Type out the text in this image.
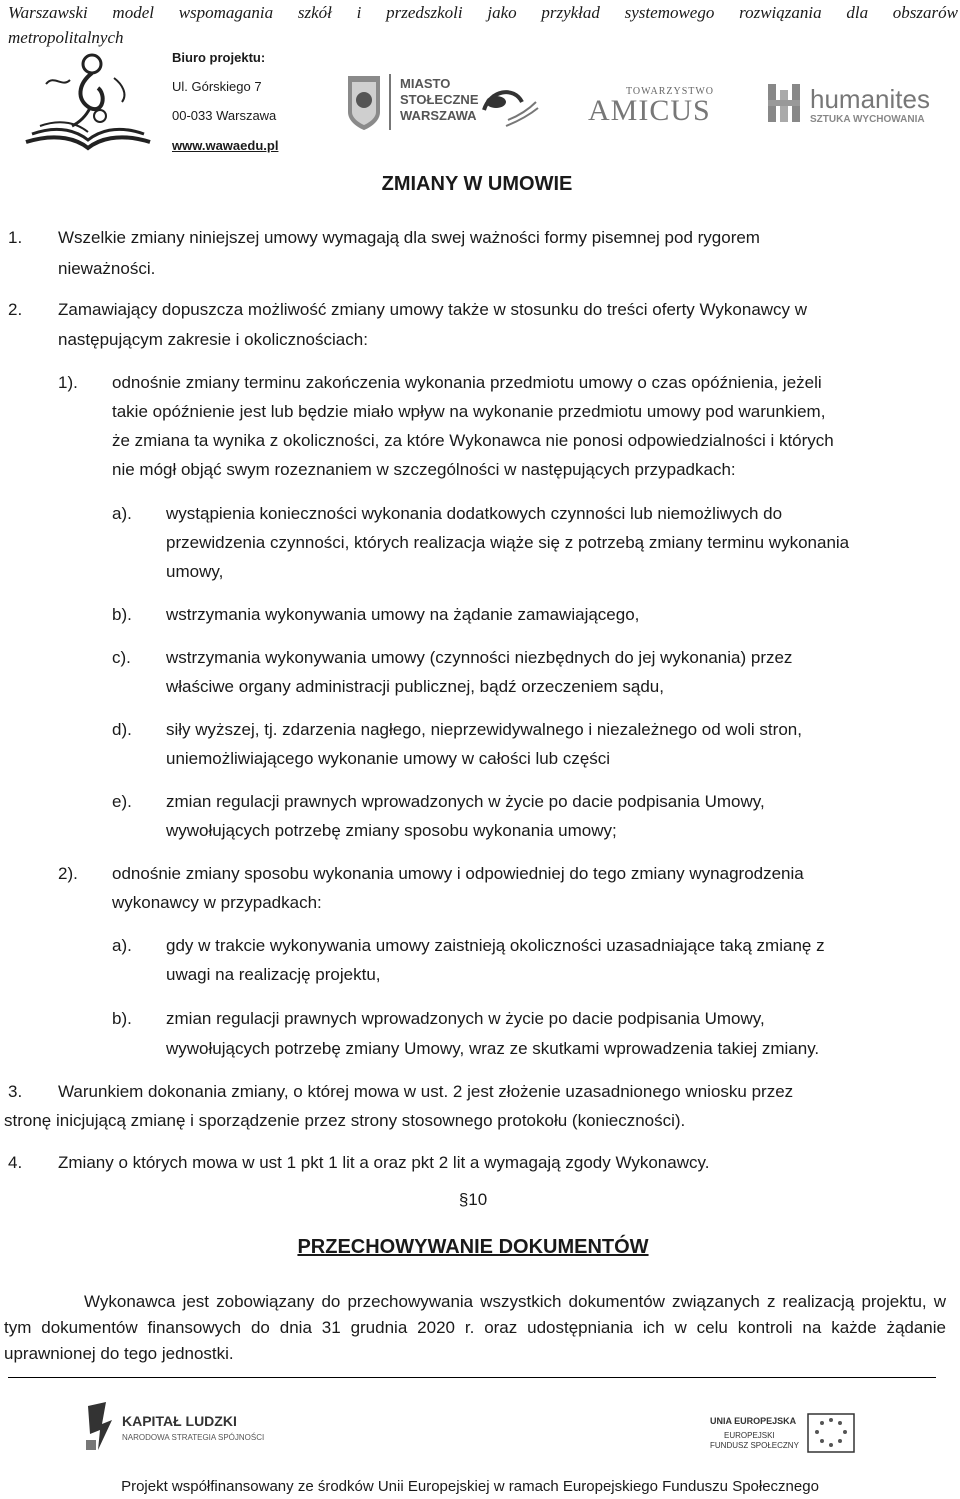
Warszawski model wspomagania szkół i przedszkoli jako przykład systemowego rozwiązania dla obszarów
metropolitalnych
Biuro projektu:
Ul. Górskiego 7
00-033 Warszawa
www.wawaedu.pl
MIASTO
STOŁECZNE
WARSZAWA
TOWARZYSTWO
AMICUS	humanites
SZTUKA WYCHOWANIA
ZMIANY W UMOWIE
1. Wszelkie zmiany niniejszej umowy wymagają dla swej ważności formy pisemnej pod rygorem
nieważności.
2. Zamawiający dopuszcza możliwość zmiany umowy także w stosunku do treści oferty Wykonawcy w
następującym zakresie i okolicznościach:
1). odnośnie zmiany terminu zakończenia wykonania przedmiotu umowy o czas opóźnienia, jeżeli
takie opóźnienie jest lub będzie miało wpływ na wykonanie przedmiotu umowy pod warunkiem,
że zmiana ta wynika z okoliczności, za które Wykonawca nie ponosi odpowiedzialności i których
nie mógł objąć swym rozeznaniem w szczególności w następujących przypadkach:
a). wystąpienia konieczności wykonania dodatkowych czynności lub niemożliwych do
przewidzenia czynności, których realizacja wiąże się z potrzebą zmiany terminu wykonania
umowy,
b). wstrzymania wykonywania umowy na żądanie zamawiającego,
c). wstrzymania wykonywania umowy (czynności niezbędnych do jej wykonania) przez
właściwe organy administracji publicznej, bądź orzeczeniem sądu,
d). siły wyższej, tj. zdarzenia nagłego, nieprzewidywalnego i niezależnego od woli stron,
uniemożliwiającego wykonanie umowy w całości lub części
e). zmian regulacji prawnych wprowadzonych w życie po dacie podpisania Umowy,
wywołujących potrzebę zmiany sposobu wykonania umowy;
2). odnośnie zmiany sposobu wykonania umowy i odpowiedniej do tego zmiany wynagrodzenia
wykonawcy w przypadkach:
a). gdy w trakcie wykonywania umowy zaistnieją okoliczności uzasadniające taką zmianę z
uwagi na realizację projektu,
b). zmian regulacji prawnych wprowadzonych w życie po dacie podpisania Umowy,
wywołujących potrzebę zmiany Umowy, wraz ze skutkami wprowadzenia takiej zmiany.
3. Warunkiem dokonania zmiany, o której mowa w ust. 2 jest złożenie uzasadnionego wniosku przez
stronę inicjującą zmianę i sporządzenie przez strony stosownego protokołu (konieczności).
4. Zmiany o których mowa w ust 1 pkt 1 lit a oraz pkt 2 lit a wymagają zgody Wykonawcy.
§10
PRZECHOWYWANIE DOKUMENTÓW
Wykonawca jest zobowiązany do przechowywania wszystkich dokumentów związanych z realizacją projektu, w tym dokumentów finansowych do dnia 31 grudnia 2020 r. oraz udostępniania ich w celu kontroli na każde żądanie uprawnionej do tego jednostki.
KAPITAŁ LUDZKI
NARODOWA STRATEGIA SPÓJNOŚCI
UNIA EUROPEJSKA
EUROPEJSKI
FUNDUSZ SPOŁECZNY
Projekt współfinansowany ze środków Unii Europejskiej w ramach Europejskiego Funduszu Społecznego
